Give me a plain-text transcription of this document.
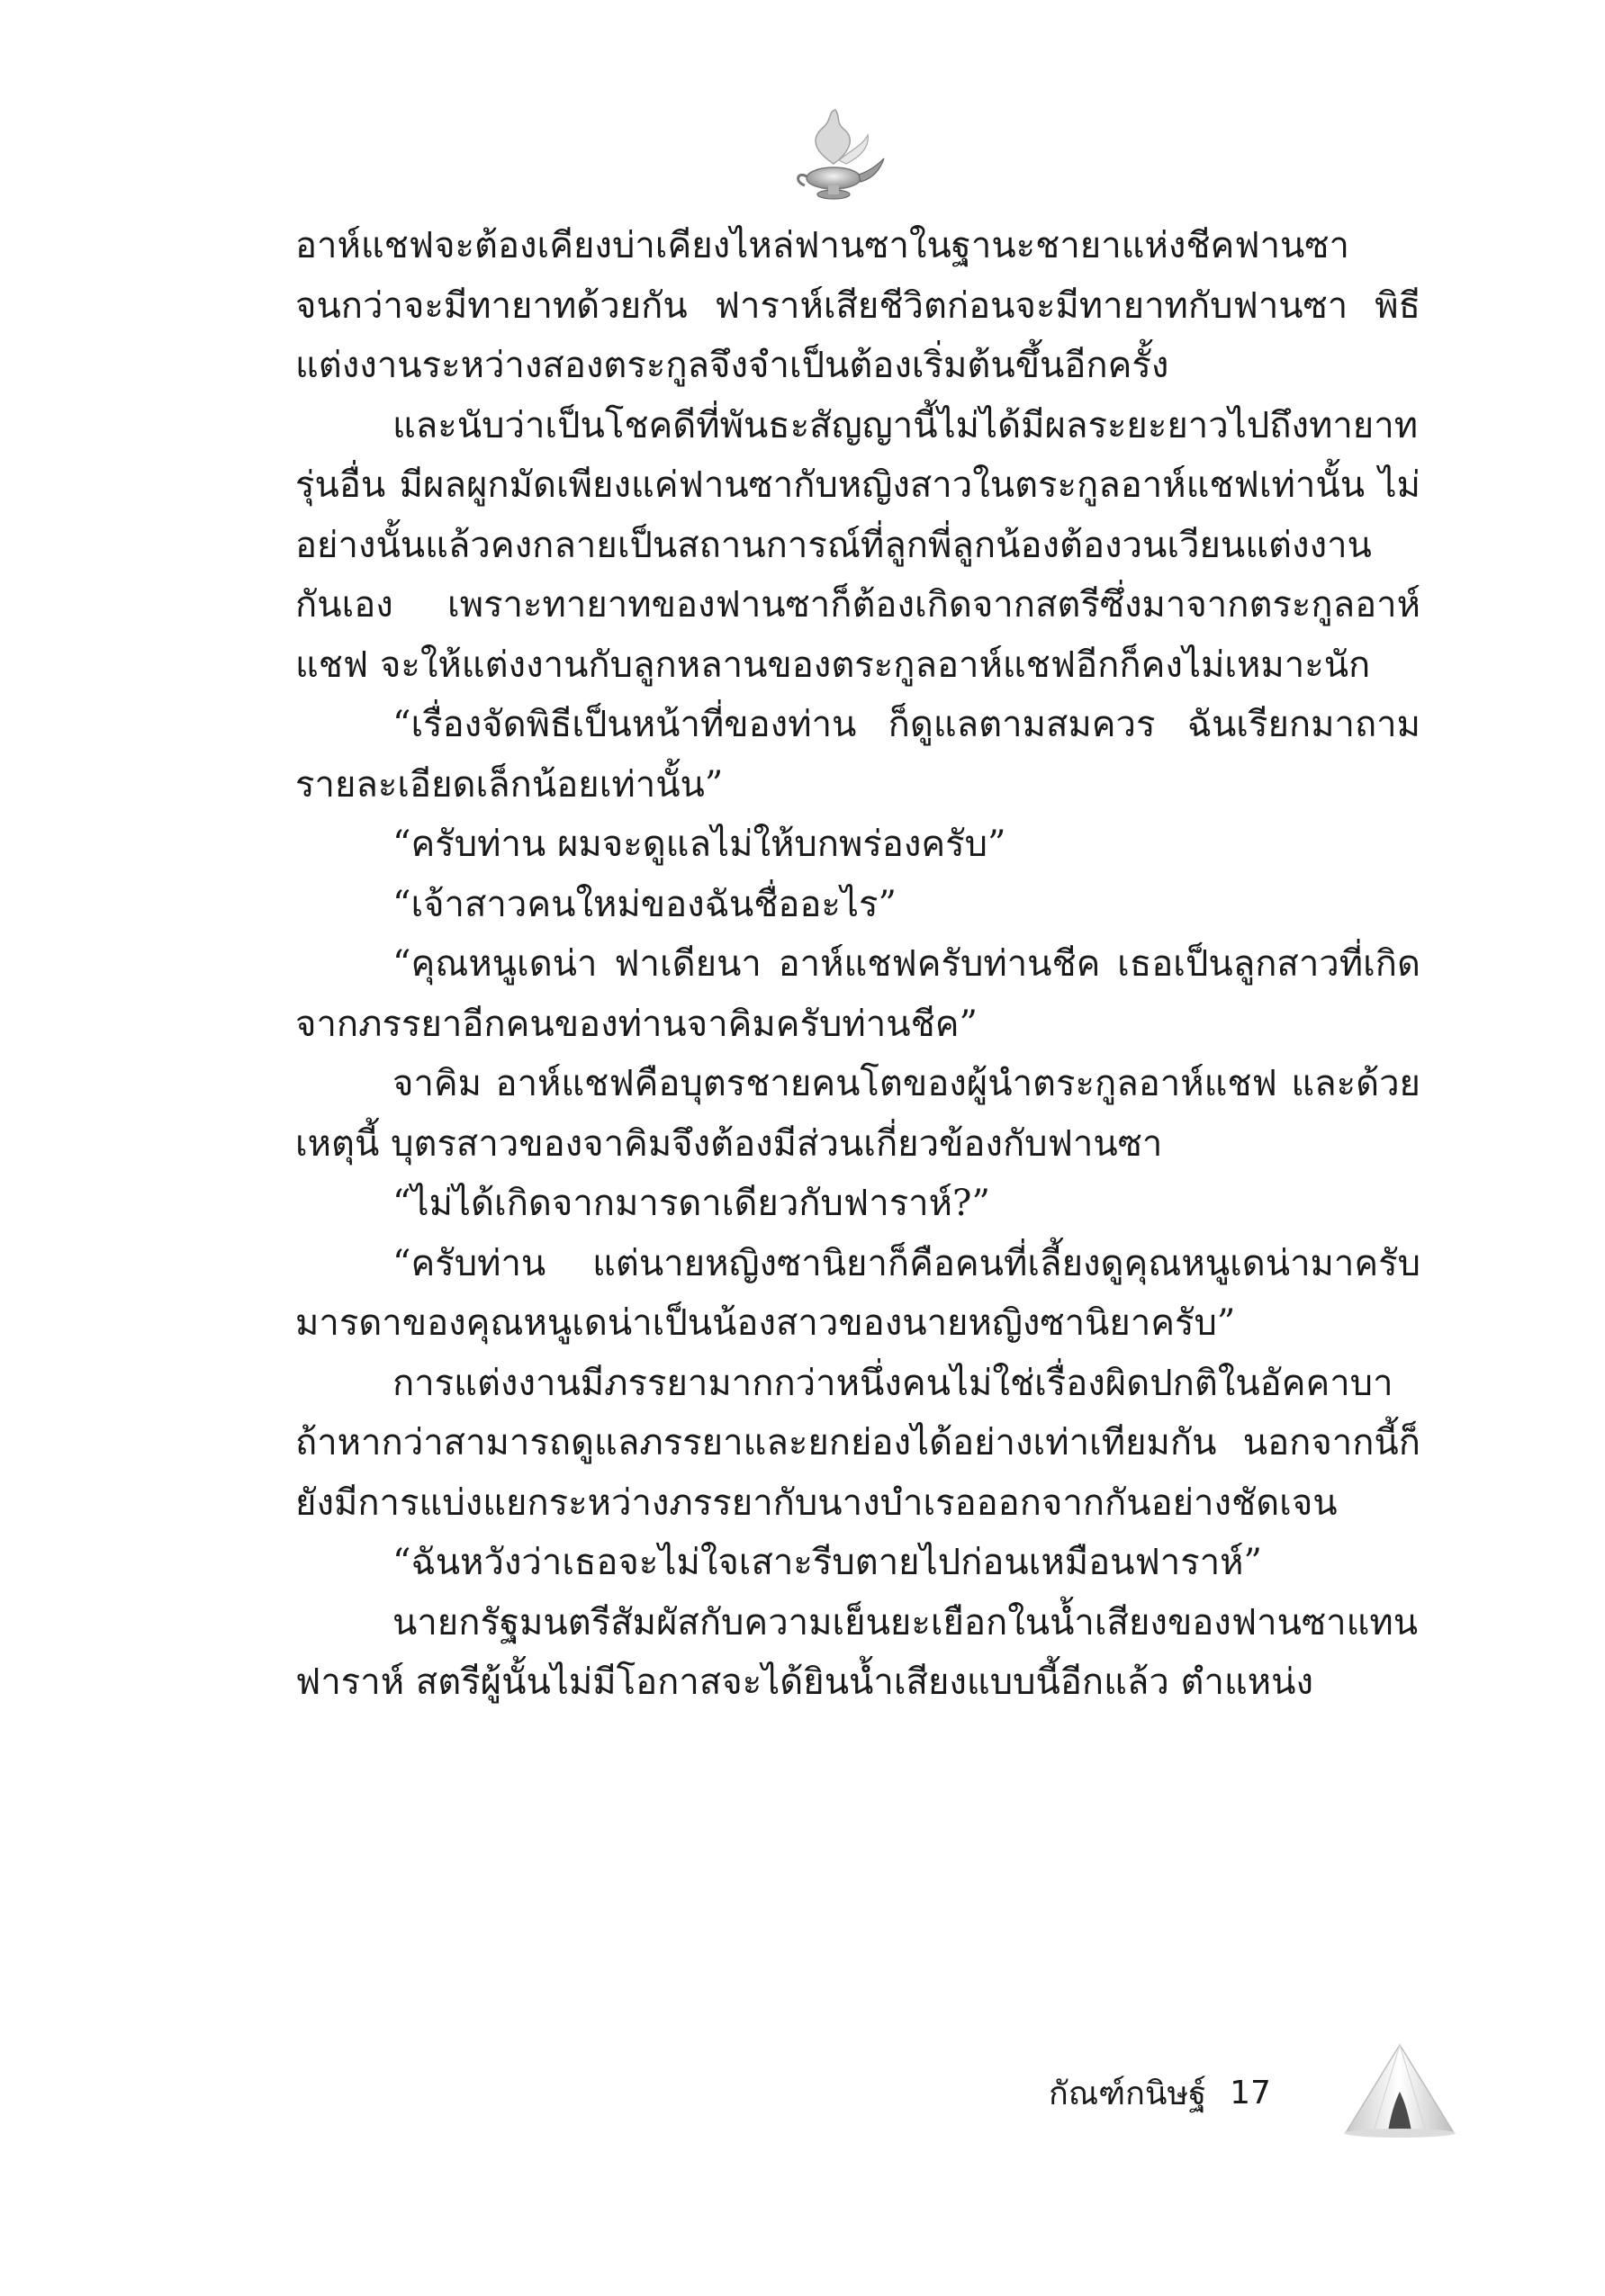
อาห์แชฟจะต้องเคียงบ่าเคียงไหล่ฟานซาในฐานะชายาแห่งชีคฟานซาจนกว่าจะมีทายาทด้วยกัน ฟาราห์เสียชีวิตก่อนจะมีทายาทกับฟานซา พิธีแต่งงานระหว่างสองตระกูลจึงจำเป็นต้องเริ่มต้นขึ้นอีกครั้ง

และนับว่าเป็นโชคดีที่พันธะสัญญานี้ไม่ได้มีผลระยะยาวไปถึงทายาทรุ่นอื่น มีผลผูกมัดเพียงแค่ฟานซากับหญิงสาวในตระกูลอาห์แชฟเท่านั้น ไม่อย่างนั้นแล้วคงกลายเป็นสถานการณ์ที่ลูกพี่ลูกน้องต้องวนเวียนแต่งงานกันเอง เพราะทายาทของฟานซาก็ต้องเกิดจากสตรีซึ่งมาจากตระกูลอาห์แชฟ จะให้แต่งงานกับลูกหลานของตระกูลอาห์แชฟอีกก็คงไม่เหมาะนัก

“เรื่องจัดพิธีเป็นหน้าที่ของท่าน ก็ดูแลตามสมควร ฉันเรียกมาถามรายละเอียดเล็กน้อยเท่านั้น”

“ครับท่าน ผมจะดูแลไม่ให้บกพร่องครับ”

“เจ้าสาวคนใหม่ของฉันชื่ออะไร”

“คุณหนูเดน่า ฟาเดียนา อาห์แชฟครับท่านชีค เธอเป็นลูกสาวที่เกิดจากภรรยาอีกคนของท่านจาคิมครับท่านชีค”

จาคิม อาห์แชฟคือบุตรชายคนโตของผู้นำตระกูลอาห์แชฟ และด้วยเหตุนี้ บุตรสาวของจาคิมจึงต้องมีส่วนเกี่ยวข้องกับฟานซา

“ไม่ได้เกิดจากมารดาเดียวกับฟาราห์?”

“ครับท่าน แต่นายหญิงซานิยาก็คือคนที่เลี้ยงดูคุณหนูเดน่ามาครับ มารดาของคุณหนูเดน่าเป็นน้องสาวของนายหญิงซานิยาครับ”

การแต่งงานมีภรรยามากกว่าหนึ่งคนไม่ใช่เรื่องผิดปกติในอัคคาบาถ้าหากว่าสามารถดูแลภรรยาและยกย่องได้อย่างเท่าเทียมกัน นอกจากนี้ก็ยังมีการแบ่งแยกระหว่างภรรยากับนางบำเรอออกจากกันอย่างชัดเจน

“ฉันหวังว่าเธอจะไม่ใจเสาะรีบตายไปก่อนเหมือนฟาราห์”

นายกรัฐมนตรีสัมผัสกับความเย็นยะเยือกในน้ำเสียงของฟานซาแทนฟาราห์ สตรีผู้นั้นไม่มีโอกาสจะได้ยินน้ำเสียงแบบนี้อีกแล้ว ตำแหน่ง

กัณฑ์กนิษฐ์ 17
